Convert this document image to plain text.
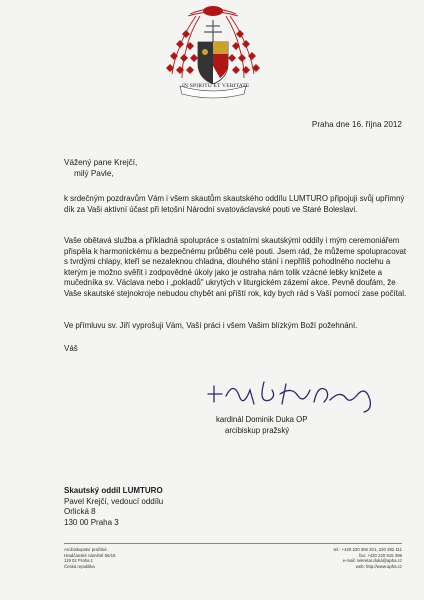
IN SPIRITU ET VERITATE
Praha dne 16. října 2012
Vážený pane Krejčí,
milý Pavle,

k srdečným pozdravům Vám i všem skautům skautského oddílu LUMTURO připojuji svůj upřímný dík za Vaši aktivní účast při letošní Národní svatováclavské pouti ve Staré Boleslavi.

Vaše obětavá služba a příkladná spolupráce s ostatními skautskými oddíly i mým ceremoniářem přispěla k harmonickému a bezpečnému průběhu celé pouti. Jsem rád, že můžeme spolupracovat s tvrdými chlapy, kteří se nezaleknou chladna, dlouhého stání i nepříliš pohodlného noclehu a kterým je možno svěřit i zodpovědné úkoly jako je ostraha nám tolik vzácné lebky knížete a mučedníka sv. Václava nebo i „pokladů" ukrytých v liturgickém zázemí akce. Pevně doufám, že Vaše skautské stejnokroje nebudou chybět ani příští rok, kdy bych rád s Vaší pomocí zase počítal.

Ve přímluvu sv. Jiří vyprošuji Vám, Vaší práci i všem Vašim blízkým Boží požehnání.

Váš
kardinál Dominik Duka OP
arcibiskup pražský
Skautský oddíl LUMTURO
Pavel Krejčí, vedoucí oddílu
Orlická 8
130 00 Praha 3
Arcibiskupství pražské
Hradčanské náměstí 56/16
119 02 Praha 1
Česká republika
tel.: +420 220 392 201, 220 392 111
fax: +420 220 515 396
e-mail: sekretar.duka@apha.cz
web: http://www.apha.cz
